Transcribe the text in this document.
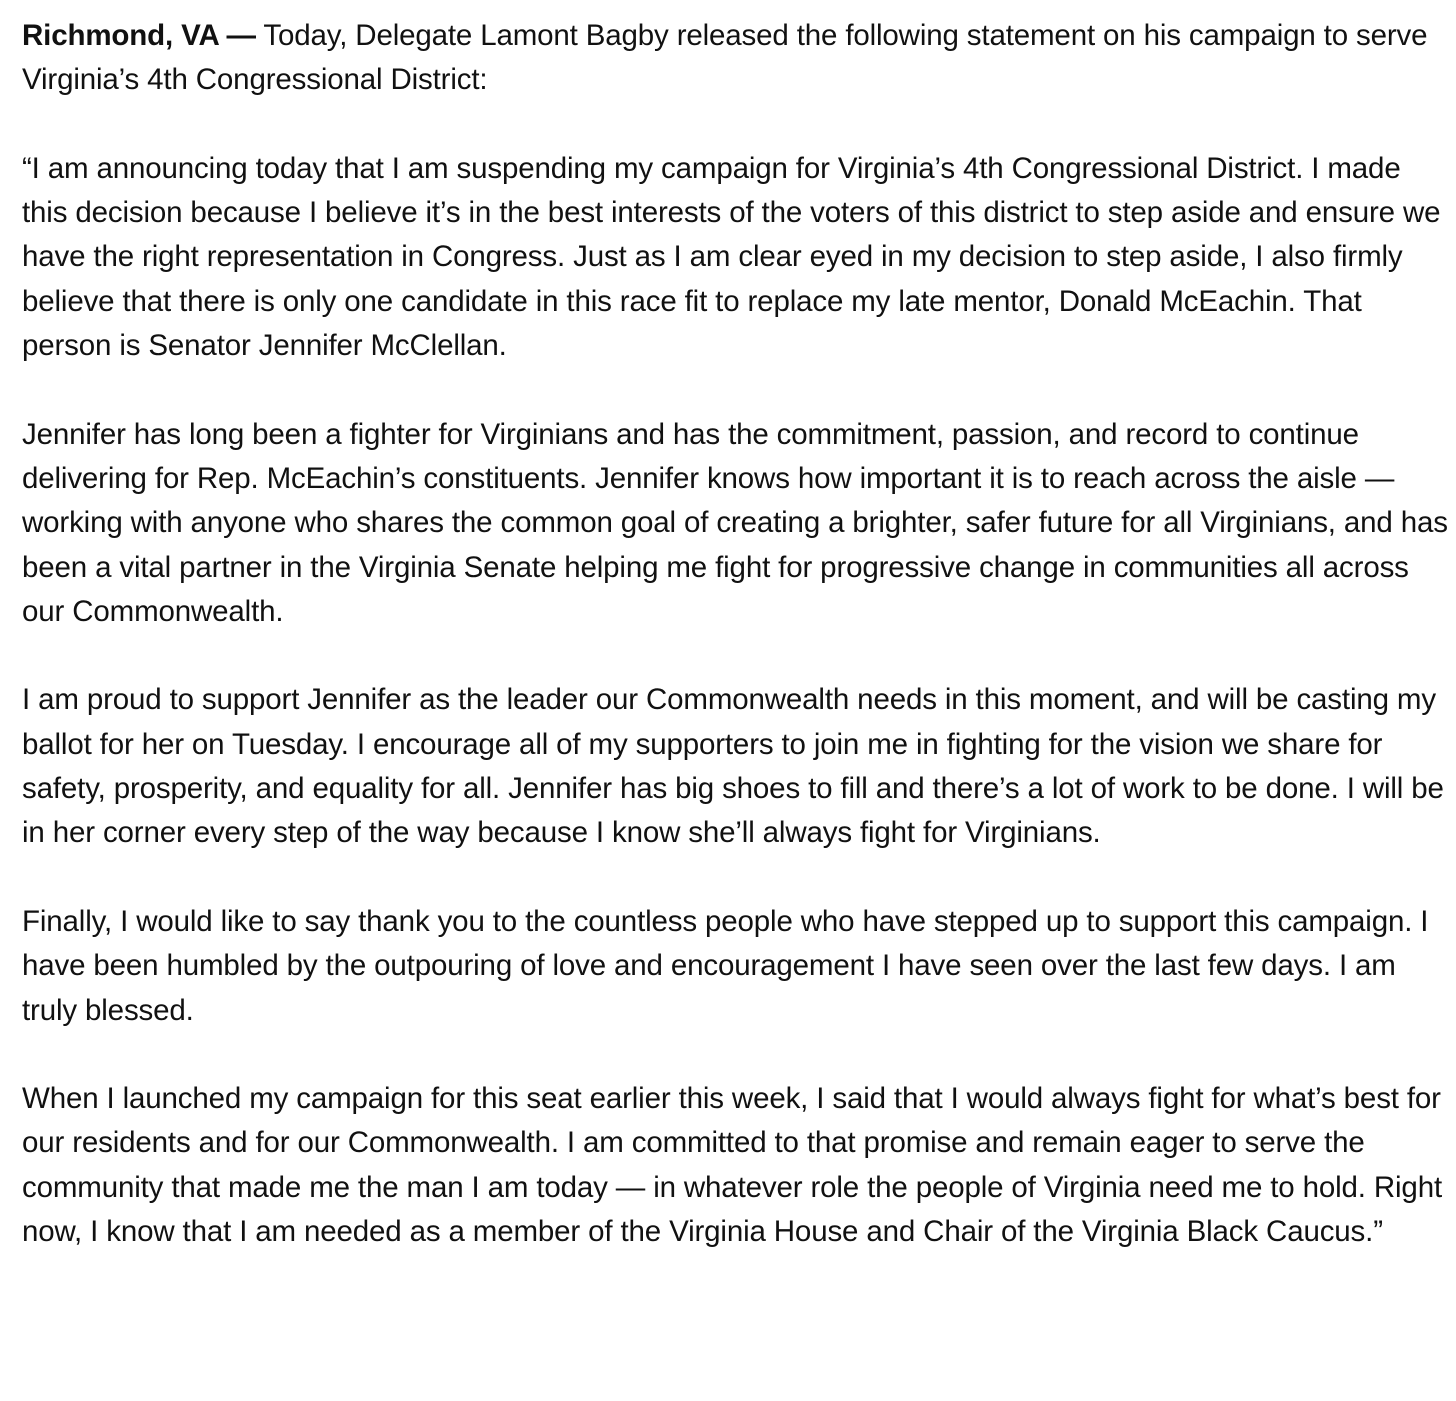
Richmond, VA — Today, Delegate Lamont Bagby released the following statement on his campaign to serve Virginia’s 4th Congressional District:

“I am announcing today that I am suspending my campaign for Virginia’s 4th Congressional District. I made this decision because I believe it’s in the best interests of the voters of this district to step aside and ensure we have the right representation in Congress. Just as I am clear eyed in my decision to step aside, I also firmly believe that there is only one candidate in this race fit to replace my late mentor, Donald McEachin. That person is Senator Jennifer McClellan.

Jennifer has long been a fighter for Virginians and has the commitment, passion, and record to continue delivering for Rep. McEachin’s constituents. Jennifer knows how important it is to reach across the aisle — working with anyone who shares the common goal of creating a brighter, safer future for all Virginians, and has been a vital partner in the Virginia Senate helping me fight for progressive change in communities all across our Commonwealth.

I am proud to support Jennifer as the leader our Commonwealth needs in this moment, and will be casting my ballot for her on Tuesday. I encourage all of my supporters to join me in fighting for the vision we share for safety, prosperity, and equality for all. Jennifer has big shoes to fill and there’s a lot of work to be done. I will be in her corner every step of the way because I know she’ll always fight for Virginians.

Finally, I would like to say thank you to the countless people who have stepped up to support this campaign. I have been humbled by the outpouring of love and encouragement I have seen over the last few days. I am truly blessed.

When I launched my campaign for this seat earlier this week, I said that I would always fight for what’s best for our residents and for our Commonwealth. I am committed to that promise and remain eager to serve the community that made me the man I am today — in whatever role the people of Virginia need me to hold. Right now, I know that I am needed as a member of the Virginia House and Chair of the Virginia Black Caucus.”
